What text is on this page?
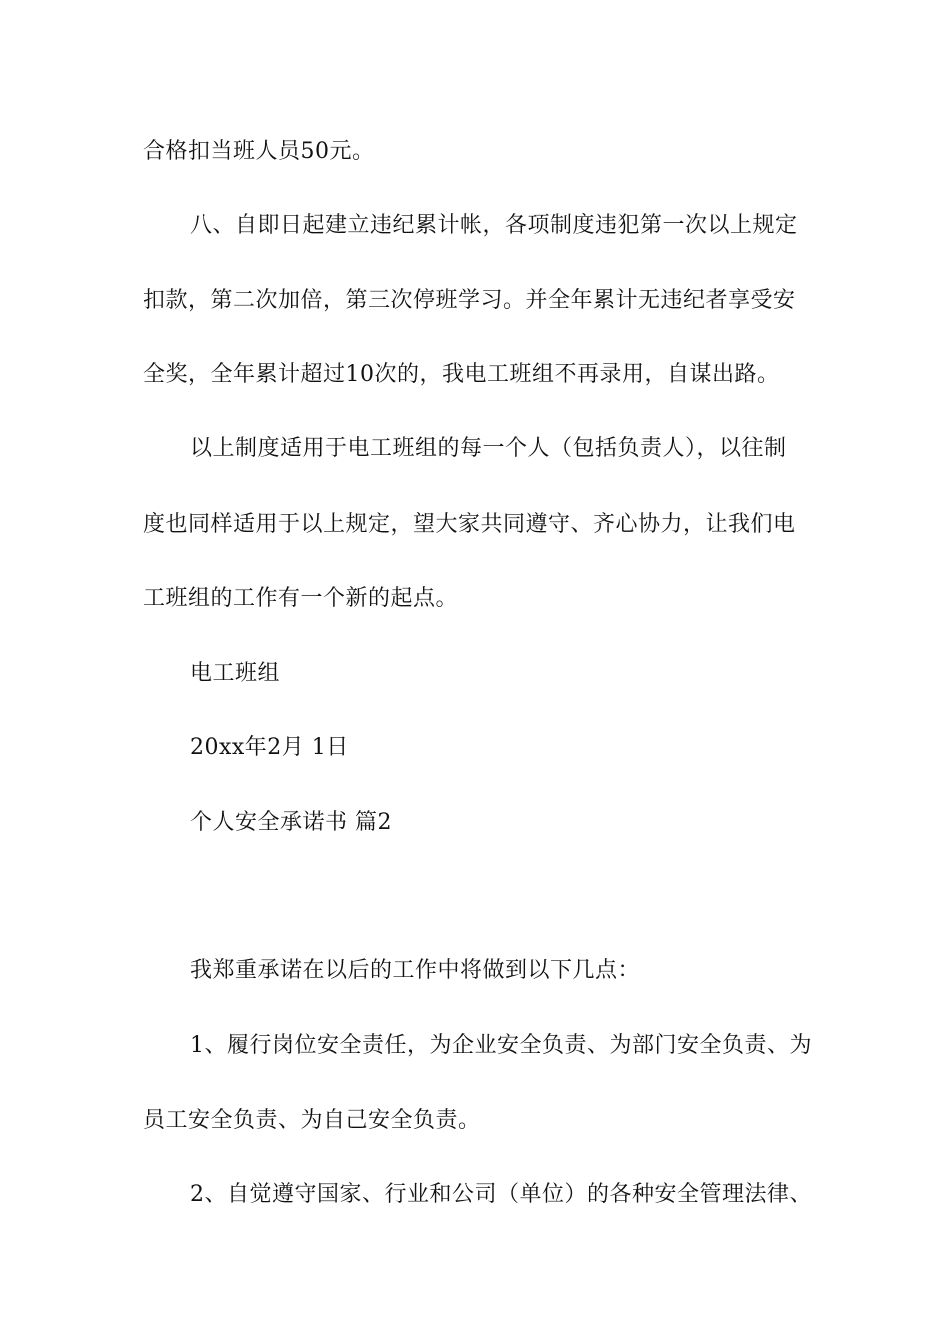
合格扣当班人员50元。
八、自即日起建立违纪累计帐，各项制度违犯第一次以上规定
扣款，第二次加倍，第三次停班学习。并全年累计无违纪者享受安
全奖，全年累计超过10次的，我电工班组不再录用，自谋出路。
以上制度适用于电工班组的每一个人（包括负责人），以往制
度也同样适用于以上规定，望大家共同遵守、齐心协力，让我们电
工班组的工作有一个新的起点。
电工班组
20xx年2月 1日
个人安全承诺书 篇2
我郑重承诺在以后的工作中将做到以下几点：
1、履行岗位安全责任，为企业安全负责、为部门安全负责、为
员工安全负责、为自己安全负责。
2、自觉遵守国家、行业和公司（单位）的各种安全管理法律、
